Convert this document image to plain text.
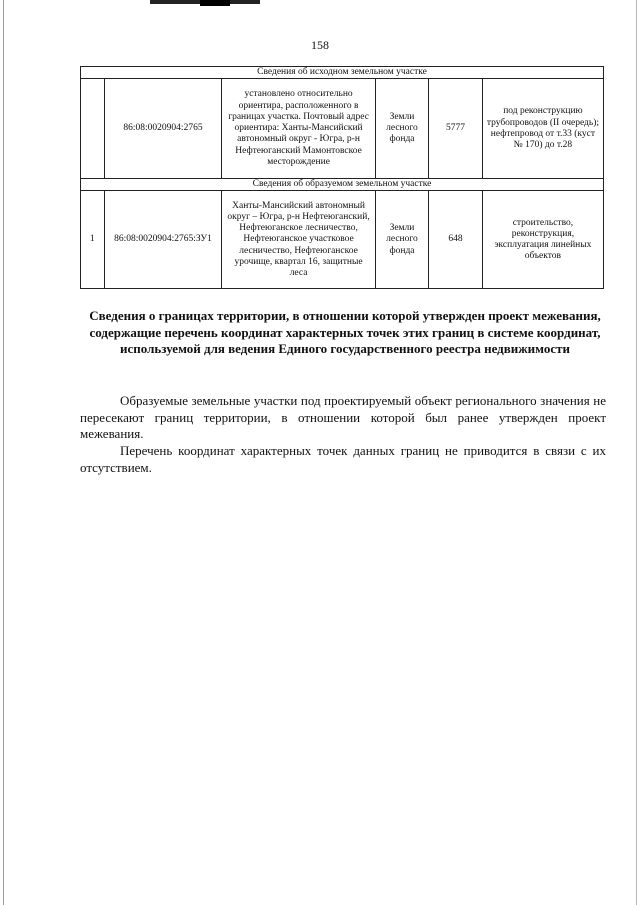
158
Сведения об исходном земельном участке					
	86:08:0020904:2765	установлено относительно ориентира, расположенного в границах участка. Почтовый адрес ориентира: Ханты-Мансийский автономный округ - Югра, р-н Нефтеюганский Мамонтовское месторождение	Земли лесного фонда	5777	под реконструкцию трубопроводов (II очередь); нефтепровод от т.33 (куст № 170) до т.28
Сведения об образуемом земельном участке					
1	86:08:0020904:2765:ЗУ1	Ханты-Мансийский автономный округ – Югра, р-н Нефтеюганский, Нефтеюганское лесничество, Нефтеюганское участковое лесничество, Нефтеюганское урочище, квартал 16, защитные леса	Земли лесного фонда	648	строительство, реконструкция, эксплуатация линейных объектов
Сведения о границах территории, в отношении которой утвержден проект межевания, содержащие перечень координат характерных точек этих границ в системе координат, используемой для ведения Единого государственного реестра недвижимости

Образуемые земельные участки под проектируемый объект регионального значения не пересекают границ территории, в отношении которой был ранее утвержден проект межевания.

Перечень координат характерных точек данных границ не приводится в связи с их отсутствием.
